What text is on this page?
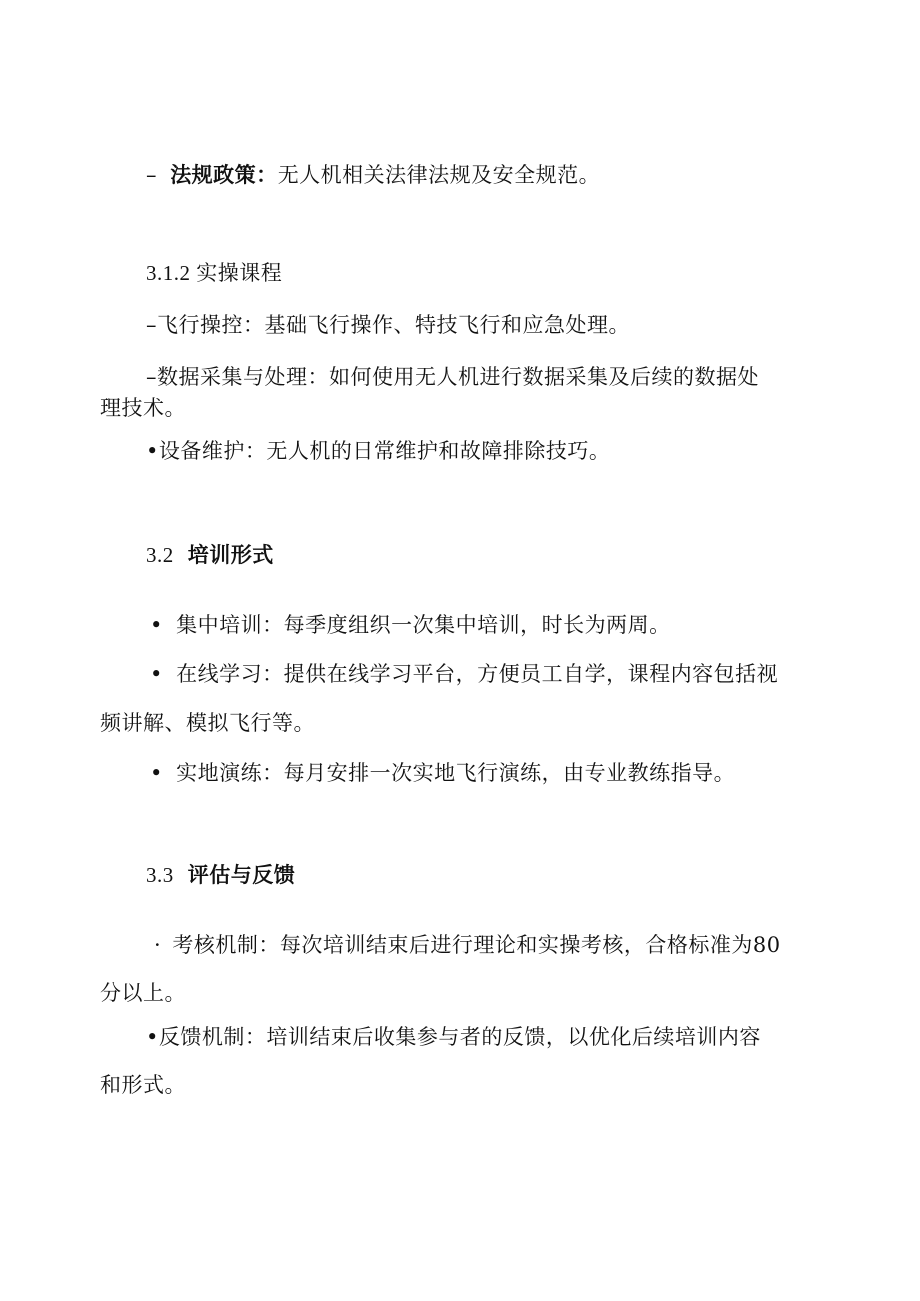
– 法规政策：无人机相关法律法规及安全规范。
3.1.2 实操课程
–飞行操控：基础飞行操作、特技飞行和应急处理。
–数据采集与处理：如何使用无人机进行数据采集及后续的数据处
理技术。
•设备维护：无人机的日常维护和故障排除技巧。
3.2 培训形式
• 集中培训：每季度组织一次集中培训，时长为两周。
• 在线学习：提供在线学习平台，方便员工自学，课程内容包括视
频讲解、模拟飞行等。
• 实地演练：每月安排一次实地飞行演练，由专业教练指导。
3.3 评估与反馈
· 考核机制：每次培训结束后进行理论和实操考核，合格标准为80
分以上。
•反馈机制：培训结束后收集参与者的反馈，以优化后续培训内容
和形式。
